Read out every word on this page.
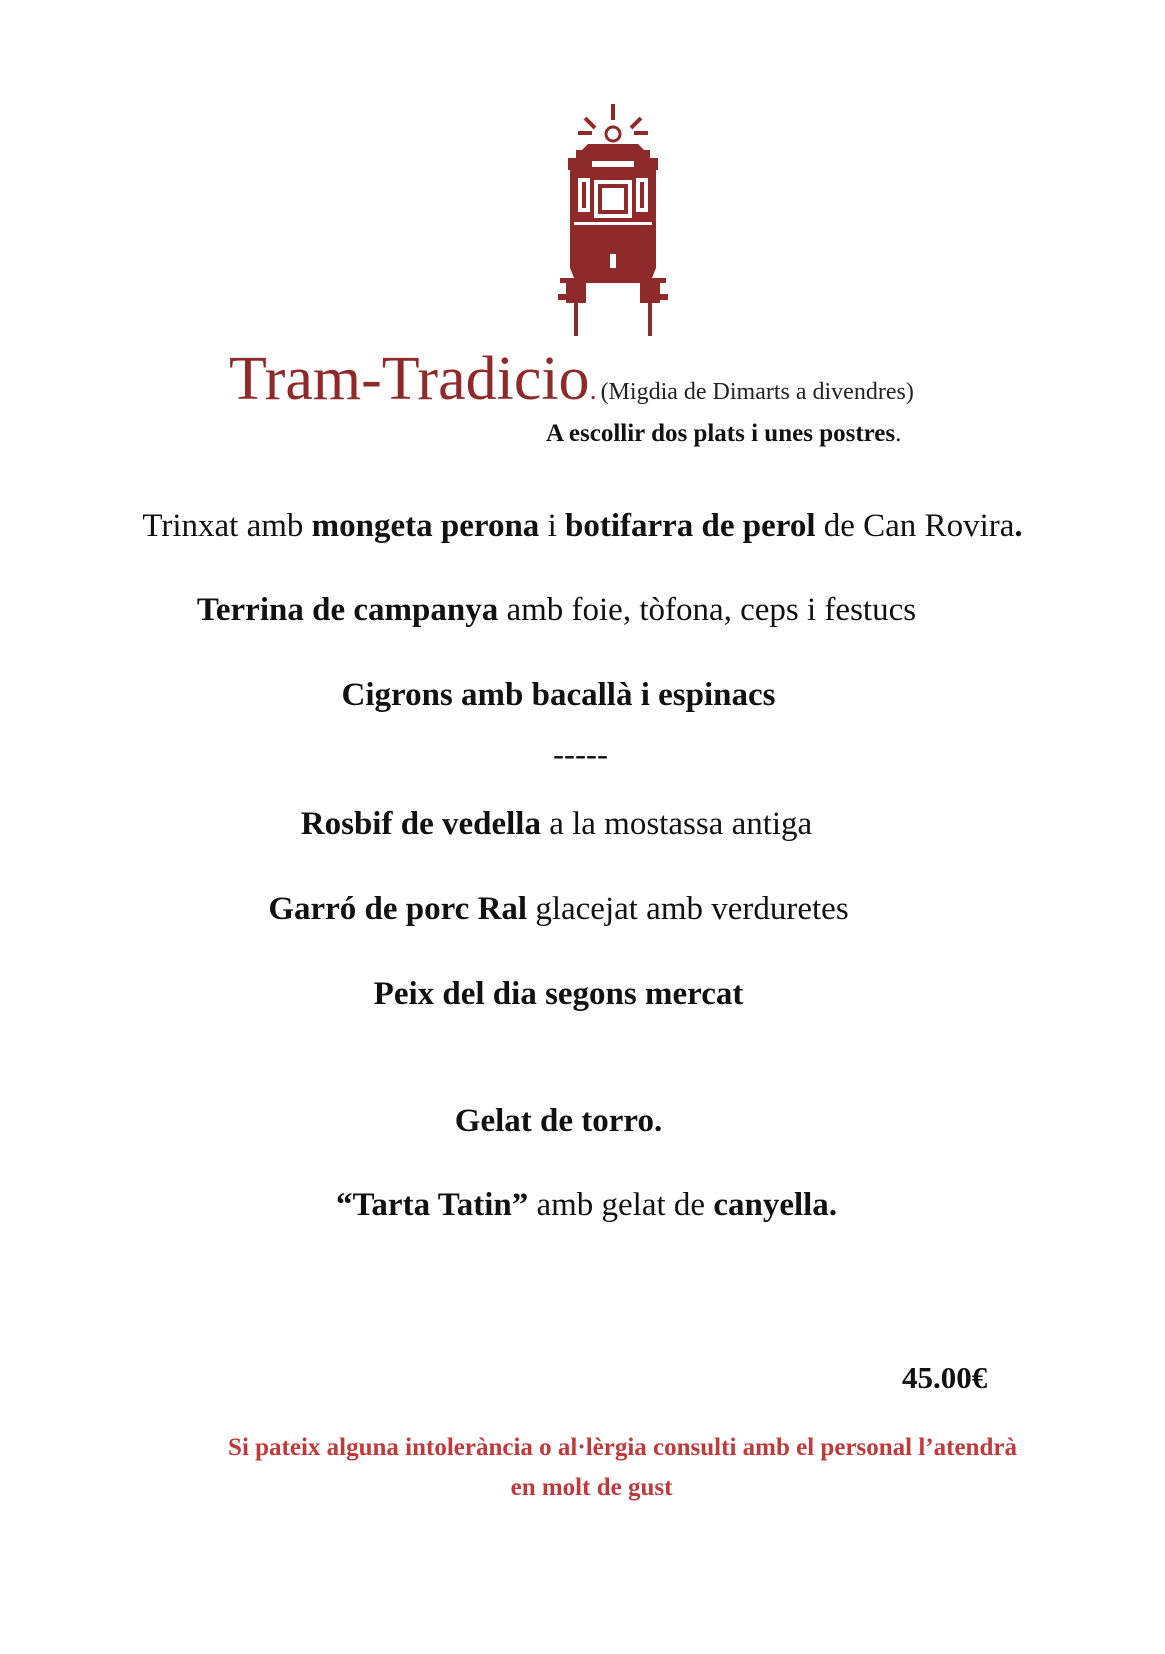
Tram-Tradicio. (Migdia de Dimarts a divendres)
A escollir dos plats i unes postres.
Trinxat amb mongeta perona i botifarra de perol de Can Rovira.
Terrina de campanya amb foie, tòfona, ceps i festucs
Cigrons amb bacallà i espinacs
-----
Rosbif de vedella a la mostassa antiga
Garró de porc Ral glacejat amb verduretes
Peix del dia segons mercat
Gelat de torro.
“Tarta Tatin” amb gelat de canyella.
45.00€
Si pateix alguna intolerància o al·lèrgia consulti amb el personal l’atendrà
en molt de gust
